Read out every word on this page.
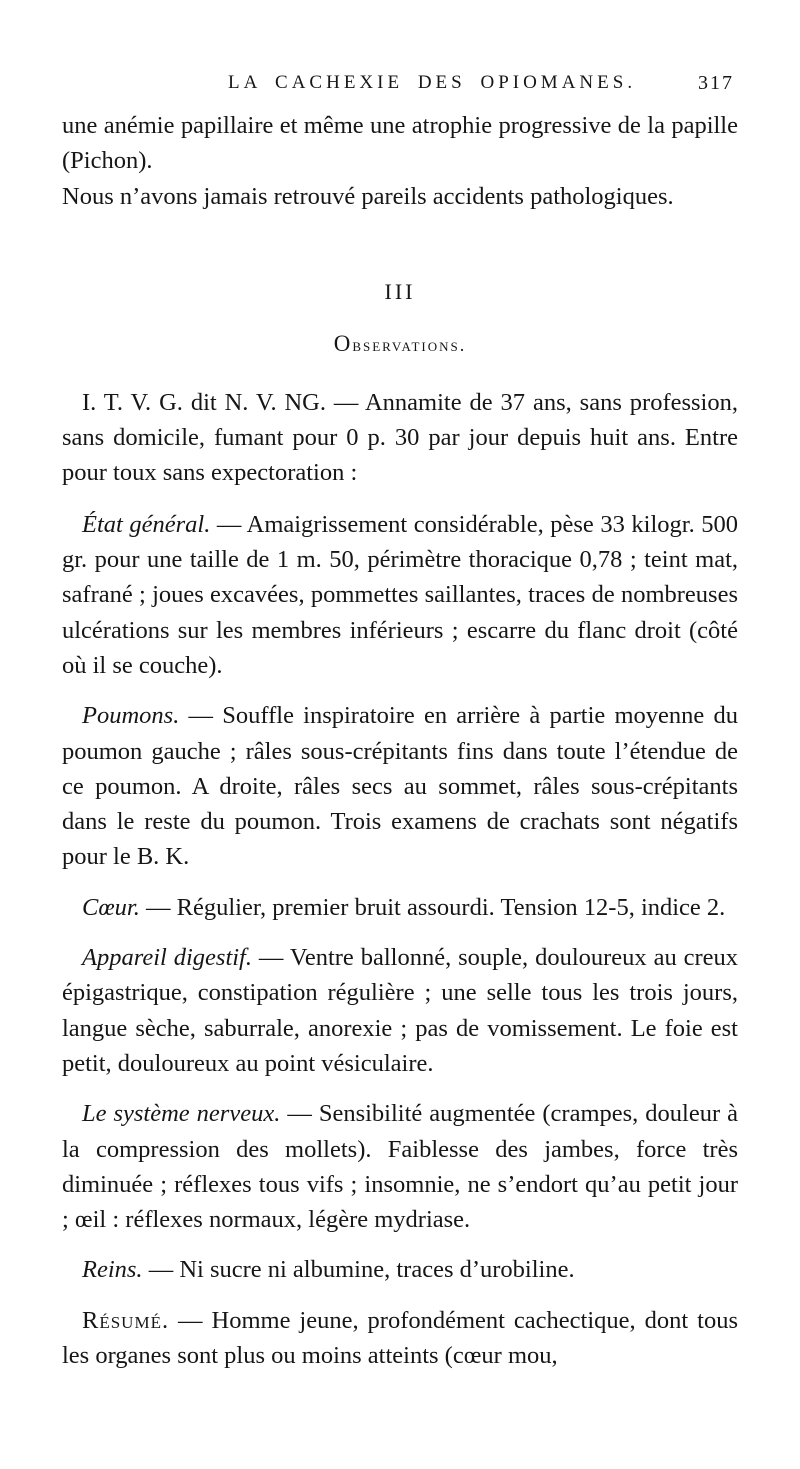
LA CACHEXIE DES OPIOMANES.	317

une anémie papillaire et même une atrophie progressive de la papille (Pichon).

Nous n’avons jamais retrouvé pareils accidents pathologiques.

III
Observations.

I. T. V. G. dit N. V. NG. — Annamite de 37 ans, sans profession, sans domicile, fumant pour 0 p. 30 par jour depuis huit ans. Entre pour toux sans expectoration :

État général. — Amaigrissement considérable, pèse 33 kilogr. 500 gr. pour une taille de 1 m. 50, périmètre thoracique 0,78 ; teint mat, safrané ; joues excavées, pommettes saillantes, traces de nombreuses ulcérations sur les membres inférieurs ; escarre du flanc droit (côté où il se couche).

Poumons. — Souffle inspiratoire en arrière à partie moyenne du poumon gauche ; râles sous-crépitants fins dans toute l’étendue de ce poumon. A droite, râles secs au sommet, râles sous-crépitants dans le reste du poumon. Trois examens de crachats sont négatifs pour le B. K.

Cœur. — Régulier, premier bruit assourdi. Tension 12-5, indice 2.

Appareil digestif. — Ventre ballonné, souple, douloureux au creux épigastrique, constipation régulière ; une selle tous les trois jours, langue sèche, saburrale, anorexie ; pas de vomissement. Le foie est petit, douloureux au point vésiculaire.

Le système nerveux. — Sensibilité augmentée (crampes, douleur à la compression des mollets). Faiblesse des jambes, force très diminuée ; réflexes tous vifs ; insomnie, ne s’endort qu’au petit jour ; œil : réflexes normaux, légère mydriase.

Reins. — Ni sucre ni albumine, traces d’urobiline.

Résumé. — Homme jeune, profondément cachectique, dont tous les organes sont plus ou moins atteints (cœur mou,
